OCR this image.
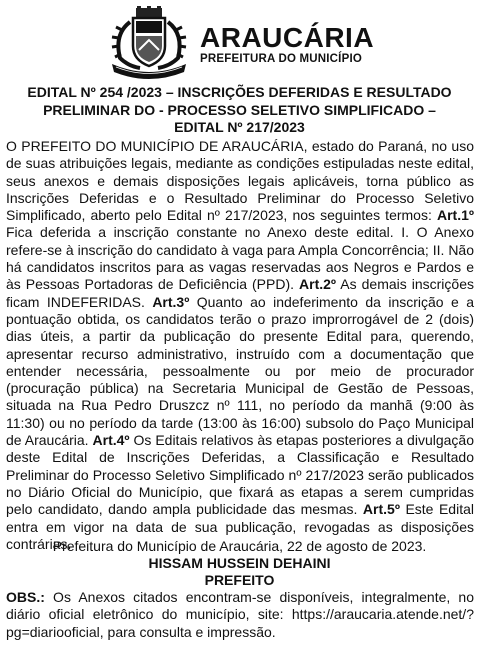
ARAUCÁRIA
PREFEITURA DO MUNICÍPIO
EDITAL Nº 254 /2023 – INSCRIÇÕES DEFERIDAS E RESULTADO
PRELIMINAR DO - PROCESSO SELETIVO SIMPLIFICADO –
EDITAL Nº 217/2023

O PREFEITO DO MUNICÍPIO DE ARAUCÁRIA, estado do Paraná, no uso de suas atribuições legais, mediante as condições estipuladas neste edital, seus anexos e demais disposições legais aplicáveis, torna público as Inscrições Deferidas e o Resultado Preliminar do Processo Seletivo Simplificado, aberto pelo Edital nº 217/2023, nos seguintes termos: Art.1º Fica deferida a inscrição constante no Anexo deste edital. I. O Anexo refere-se à inscrição do candidato à vaga para Ampla Concorrência; II. Não há candidatos inscritos para as vagas reservadas aos Negros e Pardos e às Pessoas Portadoras de Deficiência (PPD). Art.2º As demais inscrições ficam INDEFERIDAS. Art.3º Quanto ao indeferimento da inscrição e a pontuação obtida, os candidatos terão o prazo improrrogável de 2 (dois) dias úteis, a partir da publicação do presente Edital para, querendo, apresentar recurso administrativo, instruído com a documentação que entender necessária, pessoalmente ou por meio de procurador (procuração pública) na Secretaria Municipal de Gestão de Pessoas, situada na Rua Pedro Druszcz nº 111, no período da manhã (9:00 às 11:30) ou no período da tarde (13:00 às 16:00) subsolo do Paço Municipal de Araucária. Art.4º Os Editais relativos às etapas posteriores a divulgação deste Edital de Inscrições Deferidas, a Classificação e Resultado Preliminar do Processo Seletivo Simplificado nº 217/2023 serão publicados no Diário Oficial do Município, que fixará as etapas a serem cumpridas pelo candidato, dando ampla publicidade das mesmas. Art.5º Este Edital entra em vigor na data de sua publicação, revogadas as disposições contrárias.

Prefeitura do Município de Araucária, 22 de agosto de 2023.
HISSAM HUSSEIN DEHAINI
PREFEITO
OBS.: Os Anexos citados encontram-se disponíveis, integralmente, no diário oficial eletrônico do município, site: https://araucaria.atende.net/?pg=diariooficial, para consulta e impressão.
